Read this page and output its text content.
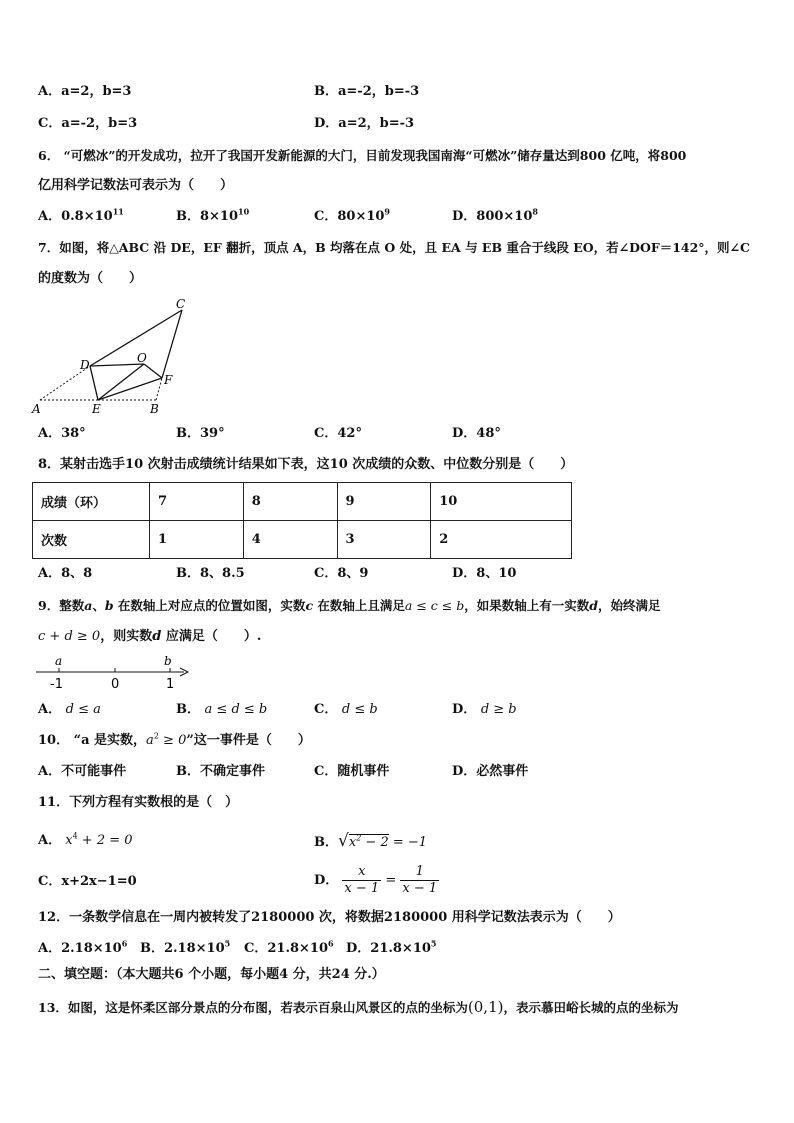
A．a=2，b=3	B．a=-2，b=-3
C．a=-2，b=3	D．a=2，b=-3
6． “可燃冰”的开发成功，拉开了我国开发新能源的大门，目前发现我国南海“可燃冰”储存量达到800 亿吨，将800
亿用科学记数法可表示为（　　）
A．$0.8\times 10^{11}$	B．$8\times 10^{10}$	C．$80\times 10^9$	D．$800\times 10^8$
7．如图，将△ABC 沿 DE，EF 翻折，顶点 A，B 均落在点 O 处，且 EA 与 EB 重合于线段 EO，若∠DOF＝142°，则∠C
的度数为（　　）
A	B
C
D
E
F
O
A．38°	B．39°	C．42°	D．48°
8．某射击选手10 次射击成绩统计结果如下表，这10 次成绩的众数、中位数分别是（　　）
成绩（环）	7	8	9	10
次数	1	4	3	2
A．8、8	B．8、8.5	C．8、9	D．8、10
9．整数a、b 在数轴上对应点的位置如图，实数c 在数轴上且满足a ≤ c ≤ b，如果数轴上有一实数d，始终满足
c + d ≥ 0，则实数d 应满足（　　）.
a	b
-1	0	1
A． d ≤ a	B． a ≤ d ≤ b	C． d ≤ b	D． d ≥ b
10． “a 是实数，$a^2 \ge 0$”这一事件是（　　）
A．不可能事件	B．不确定事件	C．随机事件	D．必然事件
11．下列方程有实数根的是（　）
A． $x^4 + 2 = 0$	B．$√x^2 - 2 = -1$
C．x+2x−1=0	D． $\frac{x}{x - 1} = \frac{1}{x - 1}$
12．一条数学信息在一周内被转发了2180000 次，将数据2180000 用科学记数法表示为（　　）
A．$2.18\times 10^6$ B．$2.18\times 10^5$ C．$21.8\times 10^6$ D．$21.8\times 10^5$
二、填空题：（本大题共6 个小题，每小题4 分，共24 分.）
13．如图，这是怀柔区部分景点的分布图，若表示百泉山风景区的点的坐标为(0,1)，表示慕田峪长城的点的坐标为
